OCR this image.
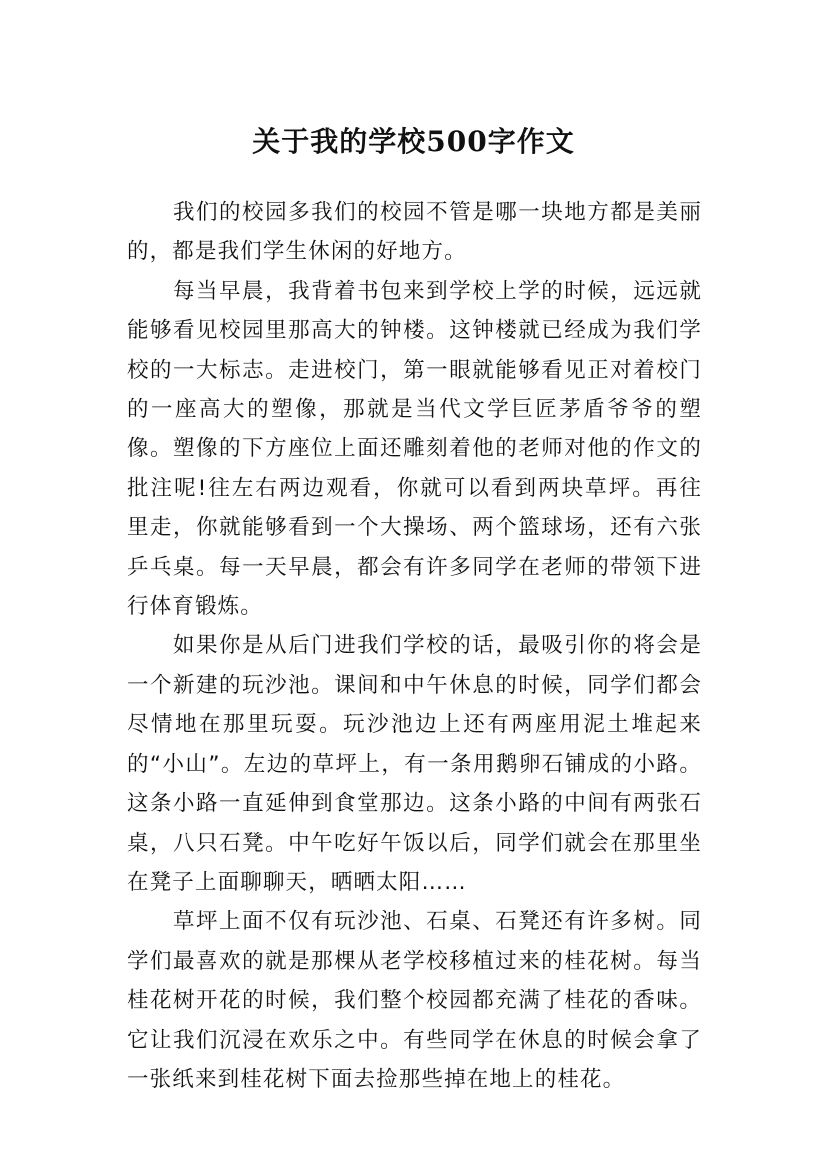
关于我的学校500字作文

我们的校园多我们的校园不管是哪一块地方都是美丽的，都是我们学生休闲的好地方。

每当早晨，我背着书包来到学校上学的时候，远远就能够看见校园里那高大的钟楼。这钟楼就已经成为我们学校的一大标志。走进校门，第一眼就能够看见正对着校门的一座高大的塑像，那就是当代文学巨匠茅盾爷爷的塑像。塑像的下方座位上面还雕刻着他的老师对他的作文的批注呢!往左右两边观看，你就可以看到两块草坪。再往里走，你就能够看到一个大操场、两个篮球场，还有六张乒乓桌。每一天早晨，都会有许多同学在老师的带领下进行体育锻炼。

如果你是从后门进我们学校的话，最吸引你的将会是一个新建的玩沙池。课间和中午休息的时候，同学们都会尽情地在那里玩耍。玩沙池边上还有两座用泥土堆起来的“小山”。左边的草坪上，有一条用鹅卵石铺成的小路。这条小路一直延伸到食堂那边。这条小路的中间有两张石桌，八只石凳。中午吃好午饭以后，同学们就会在那里坐在凳子上面聊聊天，晒晒太阳……

草坪上面不仅有玩沙池、石桌、石凳还有许多树。同学们最喜欢的就是那棵从老学校移植过来的桂花树。每当桂花树开花的时候，我们整个校园都充满了桂花的香味。它让我们沉浸在欢乐之中。有些同学在休息的时候会拿了一张纸来到桂花树下面去捡那些掉在地上的桂花。
